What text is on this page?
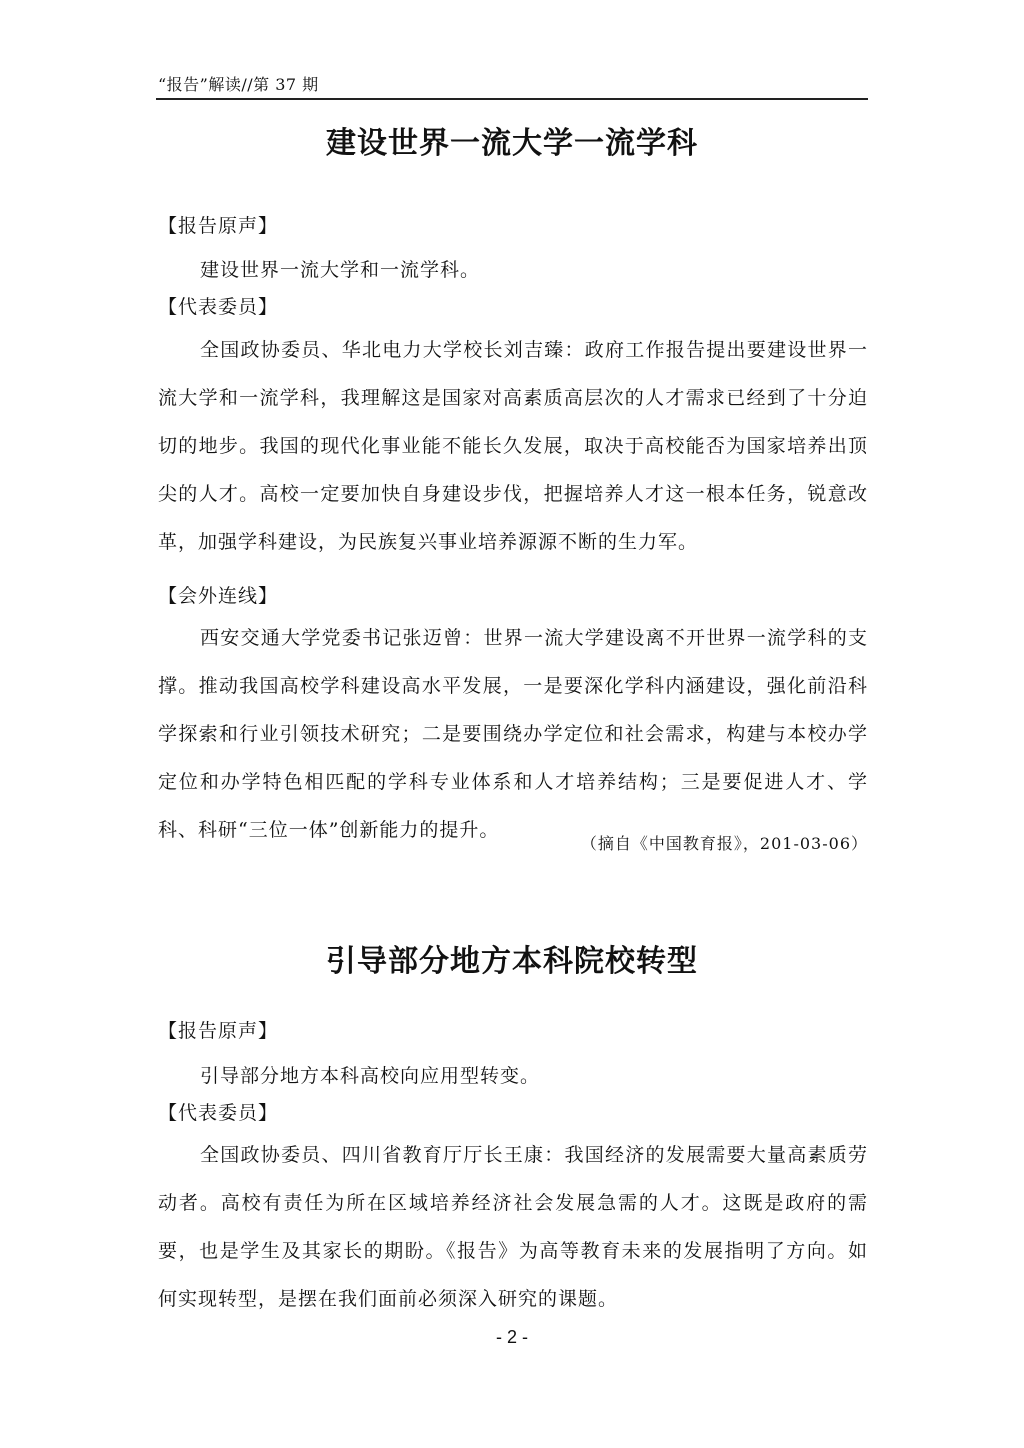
“报告”解读//第 37 期
建设世界一流大学一流学科
【报告原声】
建设世界一流大学和一流学科。
【代表委员】

全国政协委员、华北电力大学校长刘吉臻：政府工作报告提出要建设世界一流大学和一流学科，我理解这是国家对高素质高层次的人才需求已经到了十分迫切的地步。我国的现代化事业能不能长久发展，取决于高校能否为国家培养出顶尖的人才。高校一定要加快自身建设步伐，把握培养人才这一根本任务，锐意改革，加强学科建设，为民族复兴事业培养源源不断的生力军。

【会外连线】

西安交通大学党委书记张迈曾：世界一流大学建设离不开世界一流学科的支撑。推动我国高校学科建设高水平发展，一是要深化学科内涵建设，强化前沿科学探索和行业引领技术研究；二是要围绕办学定位和社会需求，构建与本校办学定位和办学特色相匹配的学科专业体系和人才培养结构；三是要促进人才、学科、科研“三位一体”创新能力的提升。

（摘自《中国教育报》，201-03-06）
引导部分地方本科院校转型
【报告原声】
引导部分地方本科高校向应用型转变。
【代表委员】

全国政协委员、四川省教育厅厅长王康：我国经济的发展需要大量高素质劳动者。高校有责任为所在区域培养经济社会发展急需的人才。这既是政府的需要，也是学生及其家长的期盼。《报告》为高等教育未来的发展指明了方向。如何实现转型，是摆在我们面前必须深入研究的课题。

- 2 -
